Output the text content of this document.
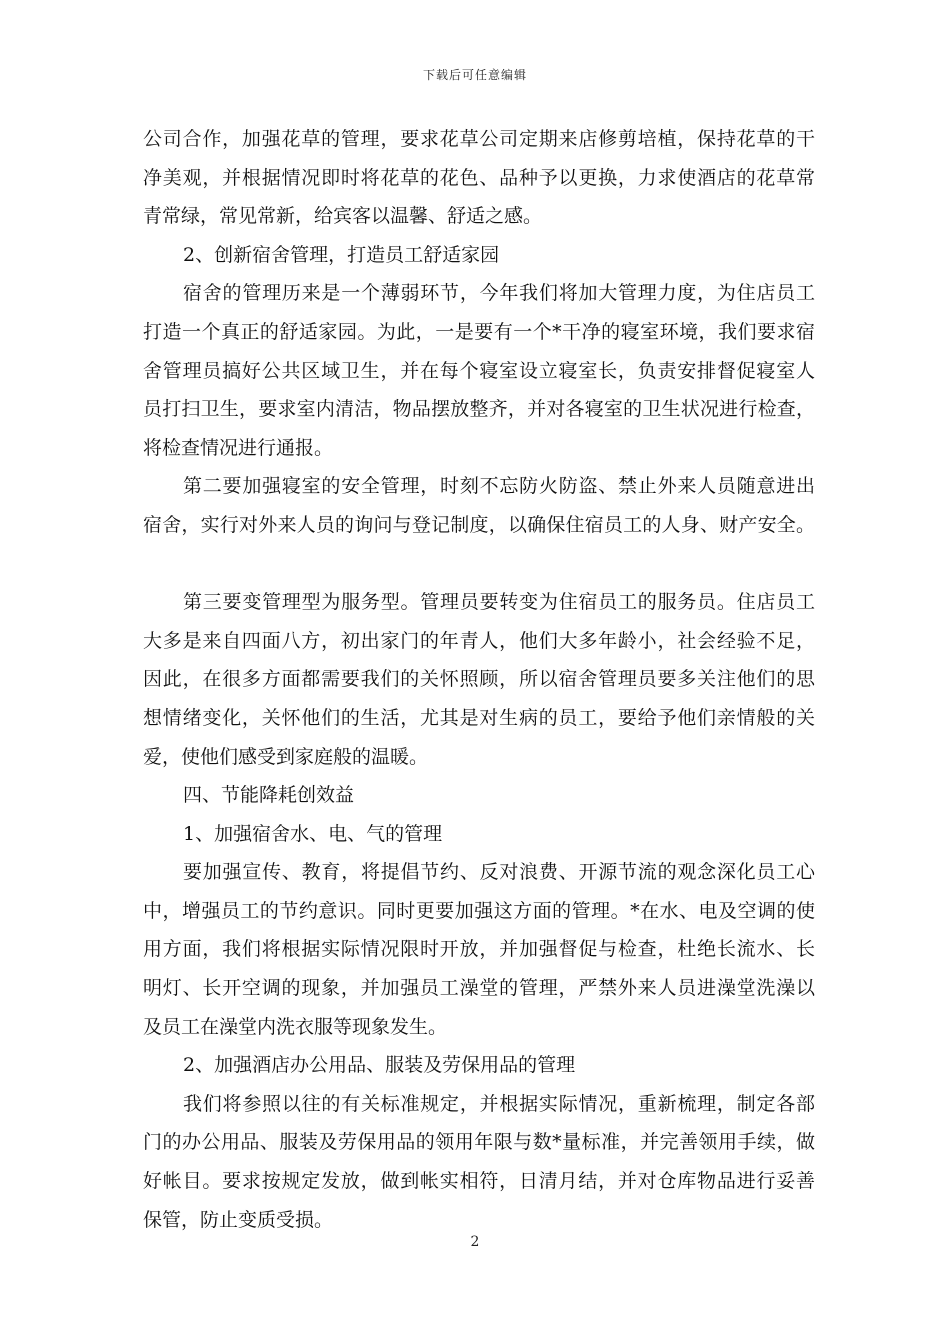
下载后可任意编辑
公司合作，加强花草的管理，要求花草公司定期来店修剪培植，保持花草的干
净美观，并根据情况即时将花草的花色、品种予以更换，力求使酒店的花草常
青常绿，常见常新，给宾客以温馨、舒适之感。
2、创新宿舍管理，打造员工舒适家园
宿舍的管理历来是一个薄弱环节，今年我们将加大管理力度，为住店员工
打造一个真正的舒适家园。为此，一是要有一个*干净的寝室环境，我们要求宿
舍管理员搞好公共区域卫生，并在每个寝室设立寝室长，负责安排督促寝室人
员打扫卫生，要求室内清洁，物品摆放整齐，并对各寝室的卫生状况进行检查，
将检查情况进行通报。
第二要加强寝室的安全管理，时刻不忘防火防盗、禁止外来人员随意进出
宿舍，实行对外来人员的询问与登记制度，以确保住宿员工的人身、财产安全。
第三要变管理型为服务型。管理员要转变为住宿员工的服务员。住店员工
大多是来自四面八方，初出家门的年青人，他们大多年龄小，社会经验不足，
因此，在很多方面都需要我们的关怀照顾，所以宿舍管理员要多关注他们的思
想情绪变化，关怀他们的生活，尤其是对生病的员工，要给予他们亲情般的关
爱，使他们感受到家庭般的温暖。
四、节能降耗创效益
1、加强宿舍水、电、气的管理
要加强宣传、教育，将提倡节约、反对浪费、开源节流的观念深化员工心
中，增强员工的节约意识。同时更要加强这方面的管理。*在水、电及空调的使
用方面，我们将根据实际情况限时开放，并加强督促与检查，杜绝长流水、长
明灯、长开空调的现象，并加强员工澡堂的管理，严禁外来人员进澡堂洗澡以
及员工在澡堂内洗衣服等现象发生。
2、加强酒店办公用品、服装及劳保用品的管理
我们将参照以往的有关标准规定，并根据实际情况，重新梳理，制定各部
门的办公用品、服装及劳保用品的领用年限与数*量标准，并完善领用手续，做
好帐目。要求按规定发放，做到帐实相符，日清月结，并对仓库物品进行妥善
保管，防止变质受损。
2
